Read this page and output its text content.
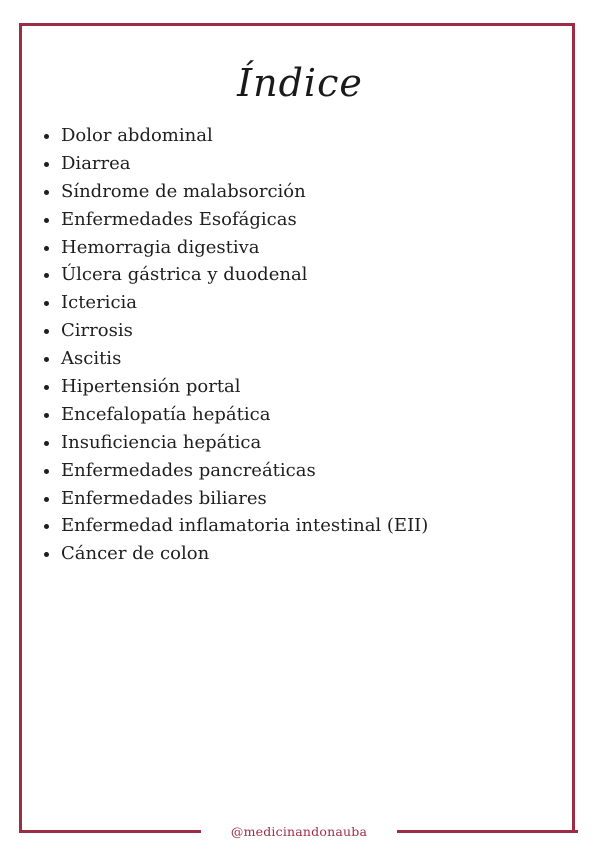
Índice
Dolor abdominal
Diarrea
Síndrome de malabsorción
Enfermedades Esofágicas
Hemorragia digestiva
Úlcera gástrica y duodenal
Ictericia
Cirrosis
Ascitis
Hipertensión portal
Encefalopatía hepática
Insuficiencia hepática
Enfermedades pancreáticas
Enfermedades biliares
Enfermedad inflamatoria intestinal (EII)
Cáncer de colon
@medicinandonauba
